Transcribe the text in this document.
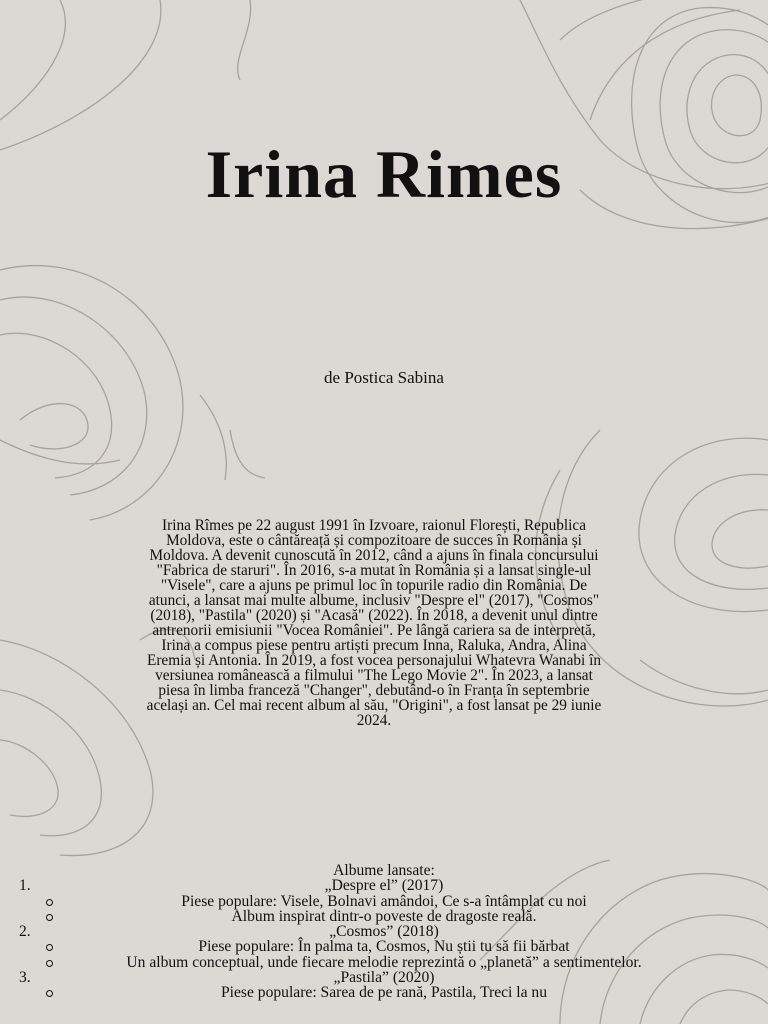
Irina Rimes
de Postica Sabina

Irina Rîmes pe 22 august 1991 în Izvoare, raionul Florești, Republica Moldova, este o cântăreață și compozitoare de succes în România și Moldova. A devenit cunoscută în 2012, când a ajuns în finala concursului "Fabrica de staruri". În 2016, s-a mutat în România și a lansat single-ul "Visele", care a ajuns pe primul loc în topurile radio din România. De atunci, a lansat mai multe albume, inclusiv "Despre el" (2017), "Cosmos" (2018), "Pastila" (2020) și "Acasă" (2022). În 2018, a devenit unul dintre antrenorii emisiunii "Vocea României". Pe lângă cariera sa de interpretă, Irina a compus piese pentru artiști precum Inna, Raluka, Andra, Alina Eremia și Antonia. În 2019, a fost vocea personajului Whatevra Wanabi în versiunea românească a filmului "The Lego Movie 2". În 2023, a lansat piesa în limba franceză "Changer", debutând-o în Franța în septembrie același an. Cel mai recent album al său, "Origini", a fost lansat pe 29 iunie 2024.

Albume lansate:
1.	„Despre el” (2017)
Piese populare: Visele, Bolnavi amândoi, Ce s-a întâmplat cu noi
Album inspirat dintr-o poveste de dragoste reală.
2.	„Cosmos” (2018)
Piese populare: În palma ta, Cosmos, Nu știi tu să fii bărbat
Un album conceptual, unde fiecare melodie reprezintă o „planetă” a sentimentelor.
3.	„Pastila” (2020)
Piese populare: Sarea de pe rană, Pastila, Treci la nu
